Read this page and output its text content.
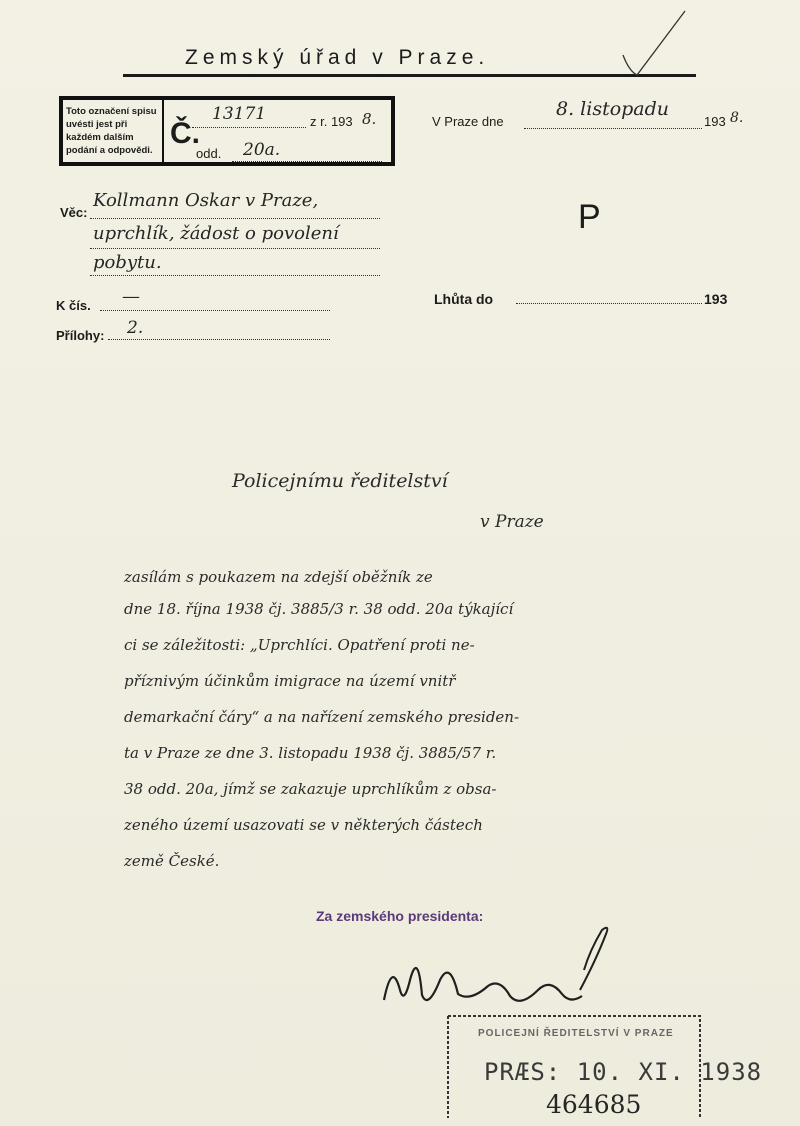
Zemský úřad v Praze.
Toto označení spisu uvésti jest při každém dalším podání a odpovědi.
Č.
13171	z r. 193 8.
odd. 20a.
V Praze dne
8. listopadu
193 8.
Věc:
Kollmann Oskar v Praze,
uprchlík, žádost o povolení
pobytu.
K čís. —
Přílohy: 2.
P
Lhůta do	193
Policejnímu ředitelství
v Praze
zasílám s poukazem na zdejší oběžník ze
dne 18. října 1938 čj. 3885/3 r. 38 odd. 20a týkající
ci se záležitosti: „Uprchlíci. Opatření proti ne-
příznivým účinkům imigrace na území vnitř
demarkační čáry“ a na nařízení zemského presiden-
ta v Praze ze dne 3. listopadu 1938 čj. 3885/57 r.
38 odd. 20a, jímž se zakazuje uprchlíkům z obsa-
zeného území usazovati se v některých částech
země České.
Za zemského presidenta:
POLICEJNÍ ŘEDITELSTVÍ V PRAZE
PRÆS: 10. XI. 1938
464685
